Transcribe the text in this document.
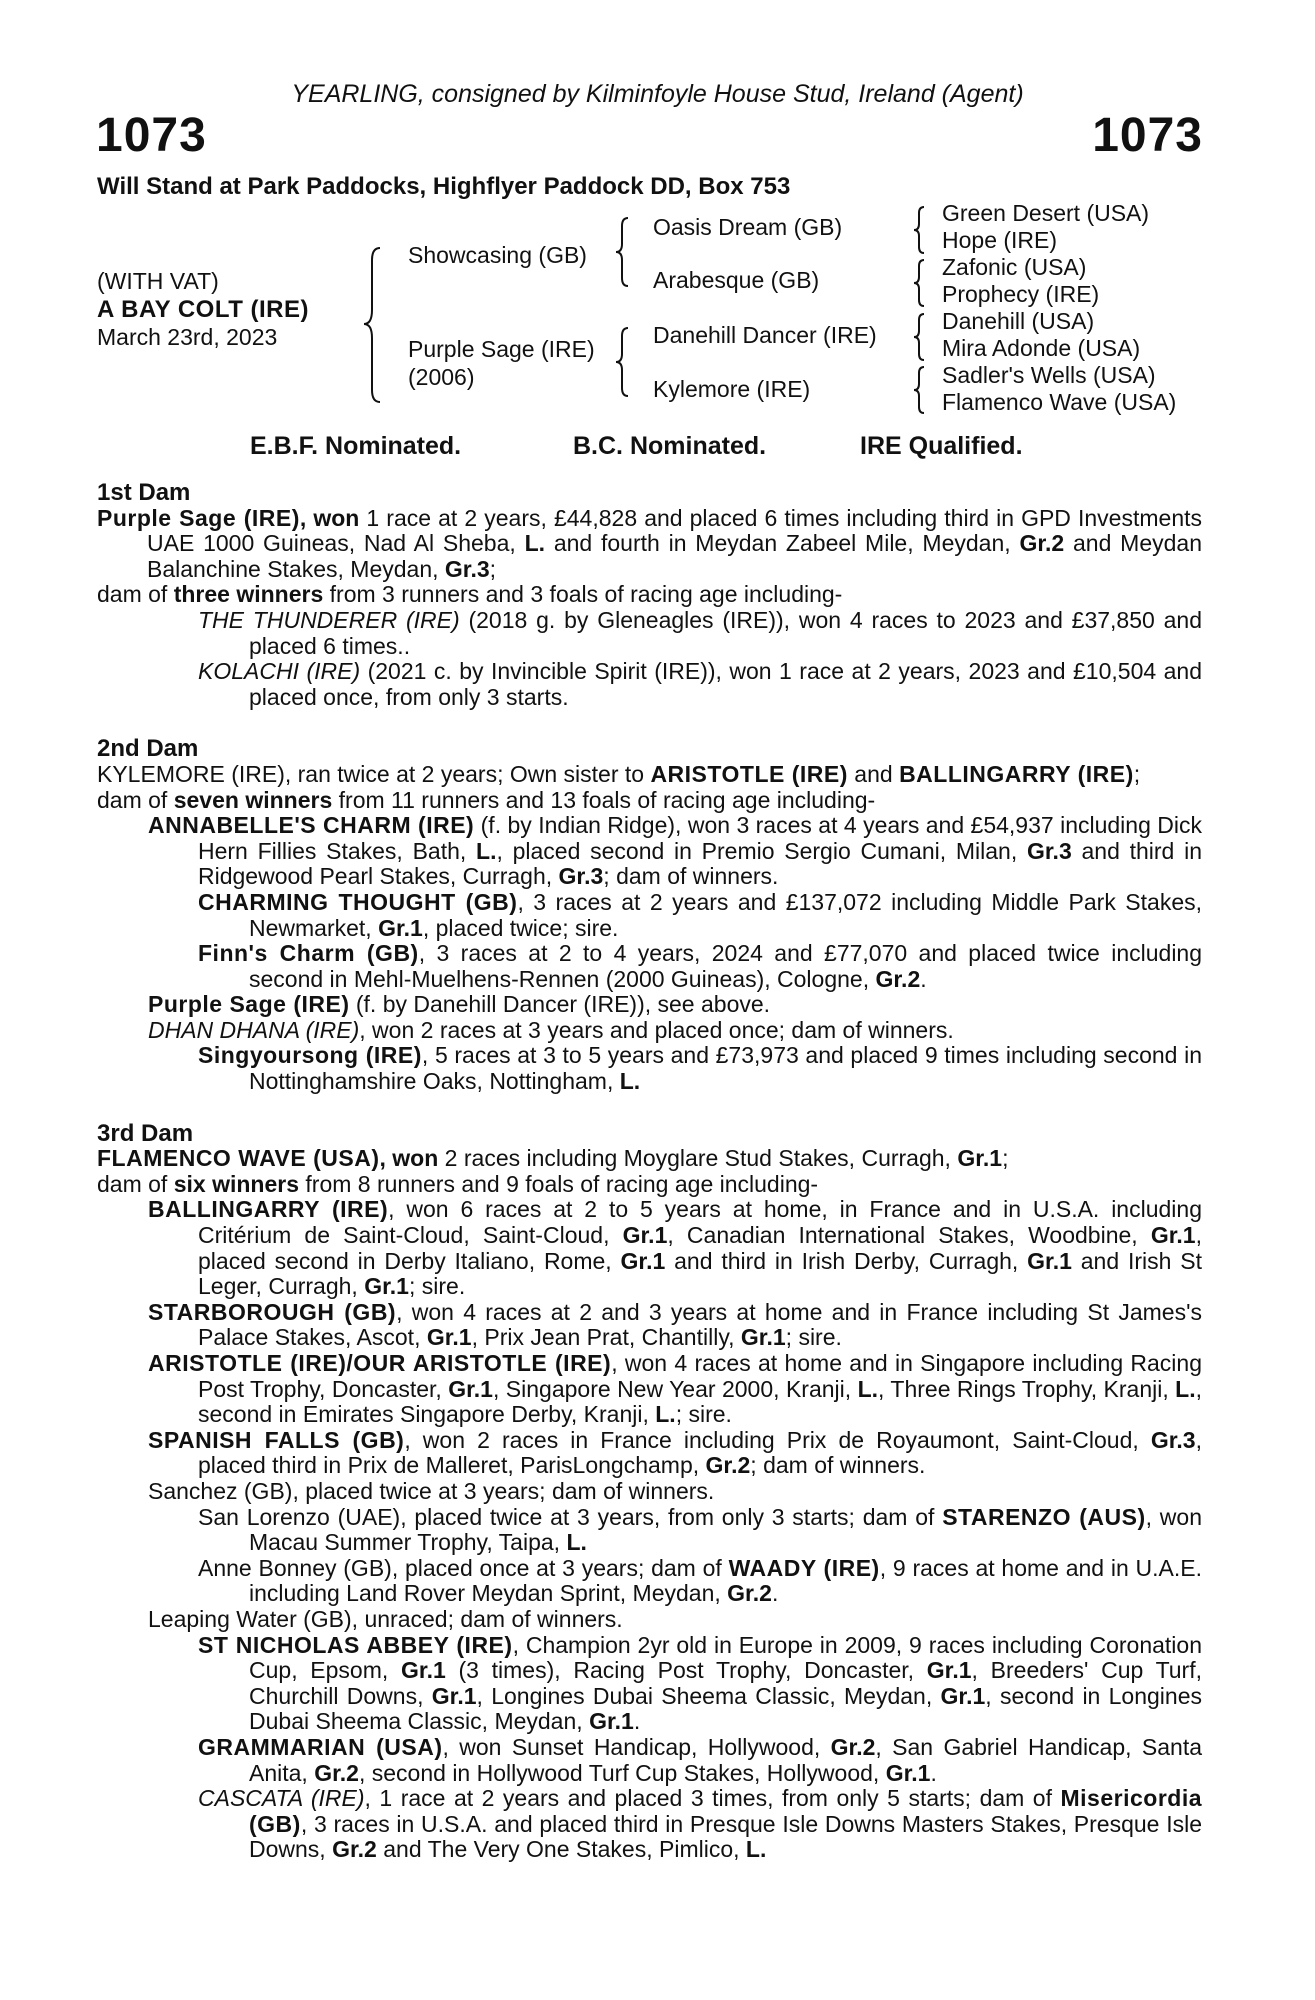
YEARLING, consigned by Kilminfoyle House Stud, Ireland (Agent)
1073	1073
Will Stand at Park Paddocks, Highflyer Paddock DD, Box 753
(WITH VAT)
A BAY COLT (IRE)
March 23rd, 2023
Showcasing (GB)
Purple Sage (IRE)
(2006)
Oasis Dream (GB)
Arabesque (GB)
Danehill Dancer (IRE)
Kylemore (IRE)
Green Desert (USA)
Hope (IRE)
Zafonic (USA)
Prophecy (IRE)
Danehill (USA)
Mira Adonde (USA)
Sadler's Wells (USA)
Flamenco Wave (USA)
E.B.F. Nominated.	B.C. Nominated.	IRE Qualified.

1st Dam

Purple Sage (IRE), won 1 race at 2 years, £44,828 and placed 6 times including third in GPD Investments UAE 1000 Guineas, Nad Al Sheba, L. and fourth in Meydan Zabeel Mile, Meydan, Gr.2 and Meydan Balanchine Stakes, Meydan, Gr.3;

dam of three winners from 3 runners and 3 foals of racing age including-

THE THUNDERER (IRE) (2018 g. by Gleneagles (IRE)), won 4 races to 2023 and £37,850 and placed 6 times..

KOLACHI (IRE) (2021 c. by Invincible Spirit (IRE)), won 1 race at 2 years, 2023 and £10,504 and placed once, from only 3 starts.

2nd Dam

KYLEMORE (IRE), ran twice at 2 years; Own sister to ARISTOTLE (IRE) and BALLINGARRY (IRE);

dam of seven winners from 11 runners and 13 foals of racing age including-

ANNABELLE'S CHARM (IRE) (f. by Indian Ridge), won 3 races at 4 years and £54,937 including Dick Hern Fillies Stakes, Bath, L., placed second in Premio Sergio Cumani, Milan, Gr.3 and third in Ridgewood Pearl Stakes, Curragh, Gr.3; dam of winners.

CHARMING THOUGHT (GB), 3 races at 2 years and £137,072 including Middle Park Stakes, Newmarket, Gr.1, placed twice; sire.

Finn's Charm (GB), 3 races at 2 to 4 years, 2024 and £77,070 and placed twice including second in Mehl-Muelhens-Rennen (2000 Guineas), Cologne, Gr.2.

Purple Sage (IRE) (f. by Danehill Dancer (IRE)), see above.

DHAN DHANA (IRE), won 2 races at 3 years and placed once; dam of winners.

Singyoursong (IRE), 5 races at 3 to 5 years and £73,973 and placed 9 times including second in Nottinghamshire Oaks, Nottingham, L.

3rd Dam

FLAMENCO WAVE (USA), won 2 races including Moyglare Stud Stakes, Curragh, Gr.1;

dam of six winners from 8 runners and 9 foals of racing age including-

BALLINGARRY (IRE), won 6 races at 2 to 5 years at home, in France and in U.S.A. including Critérium de Saint-Cloud, Saint-Cloud, Gr.1, Canadian International Stakes, Woodbine, Gr.1, placed second in Derby Italiano, Rome, Gr.1 and third in Irish Derby, Curragh, Gr.1 and Irish St Leger, Curragh, Gr.1; sire.

STARBOROUGH (GB), won 4 races at 2 and 3 years at home and in France including St James's Palace Stakes, Ascot, Gr.1, Prix Jean Prat, Chantilly, Gr.1; sire.

ARISTOTLE (IRE)/OUR ARISTOTLE (IRE), won 4 races at home and in Singapore including Racing Post Trophy, Doncaster, Gr.1, Singapore New Year 2000, Kranji, L., Three Rings Trophy, Kranji, L., second in Emirates Singapore Derby, Kranji, L.; sire.

SPANISH FALLS (GB), won 2 races in France including Prix de Royaumont, Saint-Cloud, Gr.3, placed third in Prix de Malleret, ParisLongchamp, Gr.2; dam of winners.

Sanchez (GB), placed twice at 3 years; dam of winners.

San Lorenzo (UAE), placed twice at 3 years, from only 3 starts; dam of STARENZO (AUS), won Macau Summer Trophy, Taipa, L.

Anne Bonney (GB), placed once at 3 years; dam of WAADY (IRE), 9 races at home and in U.A.E. including Land Rover Meydan Sprint, Meydan, Gr.2.

Leaping Water (GB), unraced; dam of winners.

ST NICHOLAS ABBEY (IRE), Champion 2yr old in Europe in 2009, 9 races including Coronation Cup, Epsom, Gr.1 (3 times), Racing Post Trophy, Doncaster, Gr.1, Breeders' Cup Turf, Churchill Downs, Gr.1, Longines Dubai Sheema Classic, Meydan, Gr.1, second in Longines Dubai Sheema Classic, Meydan, Gr.1.

GRAMMARIAN (USA), won Sunset Handicap, Hollywood, Gr.2, San Gabriel Handicap, Santa Anita, Gr.2, second in Hollywood Turf Cup Stakes, Hollywood, Gr.1.

CASCATA (IRE), 1 race at 2 years and placed 3 times, from only 5 starts; dam of Misericordia (GB), 3 races in U.S.A. and placed third in Presque Isle Downs Masters Stakes, Presque Isle Downs, Gr.2 and The Very One Stakes, Pimlico, L.
